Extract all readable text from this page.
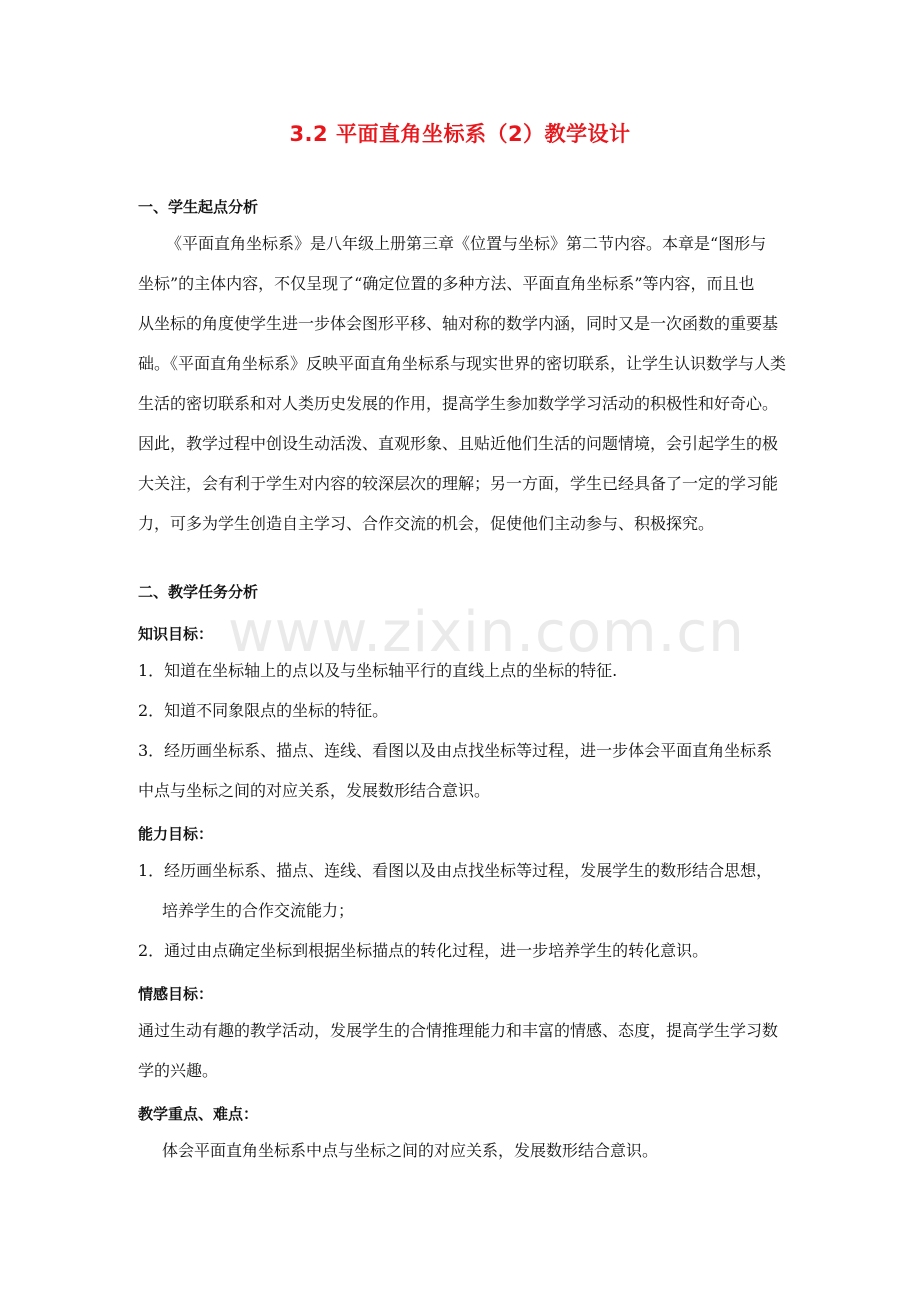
3.2 平面直角坐标系（2）教学设计
一、学生起点分析
《平面直角坐标系》是八年级上册第三章《位置与坐标》第二节内容。本章是“图形与
坐标”的主体内容，不仅呈现了“确定位置的多种方法、平面直角坐标系”等内容，而且也
从坐标的角度使学生进一步体会图形平移、轴对称的数学内涵，同时又是一次函数的重要基
础。《平面直角坐标系》反映平面直角坐标系与现实世界的密切联系，让学生认识数学与人类
生活的密切联系和对人类历史发展的作用，提高学生参加数学学习活动的积极性和好奇心。
因此，教学过程中创设生动活泼、直观形象、且贴近他们生活的问题情境，会引起学生的极
大关注，会有利于学生对内容的较深层次的理解；另一方面，学生已经具备了一定的学习能
力，可多为学生创造自主学习、合作交流的机会，促使他们主动参与、积极探究。
二、教学任务分析
知识目标：
1．知道在坐标轴上的点以及与坐标轴平行的直线上点的坐标的特征.
2．知道不同象限点的坐标的特征。
3．经历画坐标系、描点、连线、看图以及由点找坐标等过程，进一步体会平面直角坐标系
中点与坐标之间的对应关系，发展数形结合意识。
能力目标：
1．经历画坐标系、描点、连线、看图以及由点找坐标等过程，发展学生的数形结合思想，
培养学生的合作交流能力；
2．通过由点确定坐标到根据坐标描点的转化过程，进一步培养学生的转化意识。
情感目标：
通过生动有趣的教学活动，发展学生的合情推理能力和丰富的情感、态度，提高学生学习数
学的兴趣。
教学重点、难点：
体会平面直角坐标系中点与坐标之间的对应关系，发展数形结合意识。
www.zixin.com.cn
